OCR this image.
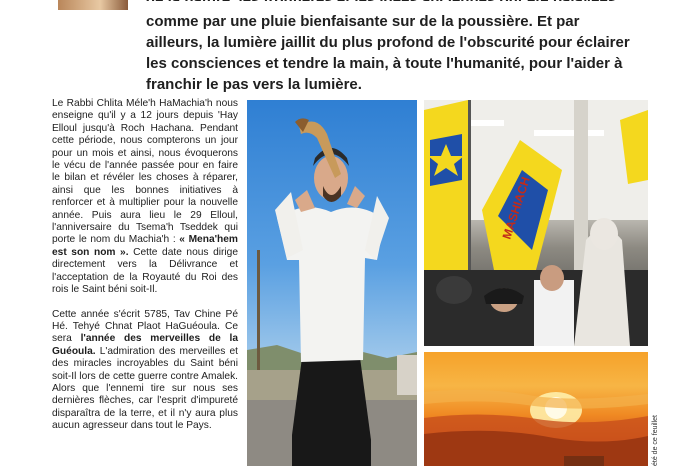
comme par une pluie bienfaisante sur de la poussière. Et par
ailleurs, la lumière jaillit du plus profond de l'obscurité pour éclairer
les consciences et tendre la main, à toute l'humanité, pour l'aider à
franchir le pas vers la lumière.

Le Rabbi Chlita Méle'h HaMachia'h nous enseigne qu'il y a 12 jours depuis 'Hay Elloul jusqu'à Roch Hachana. Pendant cette période, nous compterons un jour pour un mois et ainsi, nous évoquerons le vécu de l'année passée pour en faire le bilan et révéler les choses à réparer, ainsi que les bonnes initiatives à renforcer et à multiplier pour la nouvelle année. Puis aura lieu le 29 Elloul, l'anniversaire du Tsema'h Tseddek qui porte le nom du Machia'h : « Mena'hem est son nom ». Cette date nous dirige directement vers la Délivrance et l'acceptation de la Royauté du Roi des rois le Saint béni soit-Il.

Cette année s'écrit 5785, Tav Chine Pé Hé. Tehyé Chnat Plaot HaGuéoula. Ce sera l'année des merveilles de la Guéoula. L'admiration des merveilles et des miracles incroyables du Saint béni soit-Il lors de cette guerre contre Amalek. Alors que l'ennemi tire sur nous ses dernières flèches, car l'esprit d'impureté disparaîtra de la terre, et il n'y aura plus aucun agresseur dans tout le Pays.

MASHIACH
été de ce feuillet
